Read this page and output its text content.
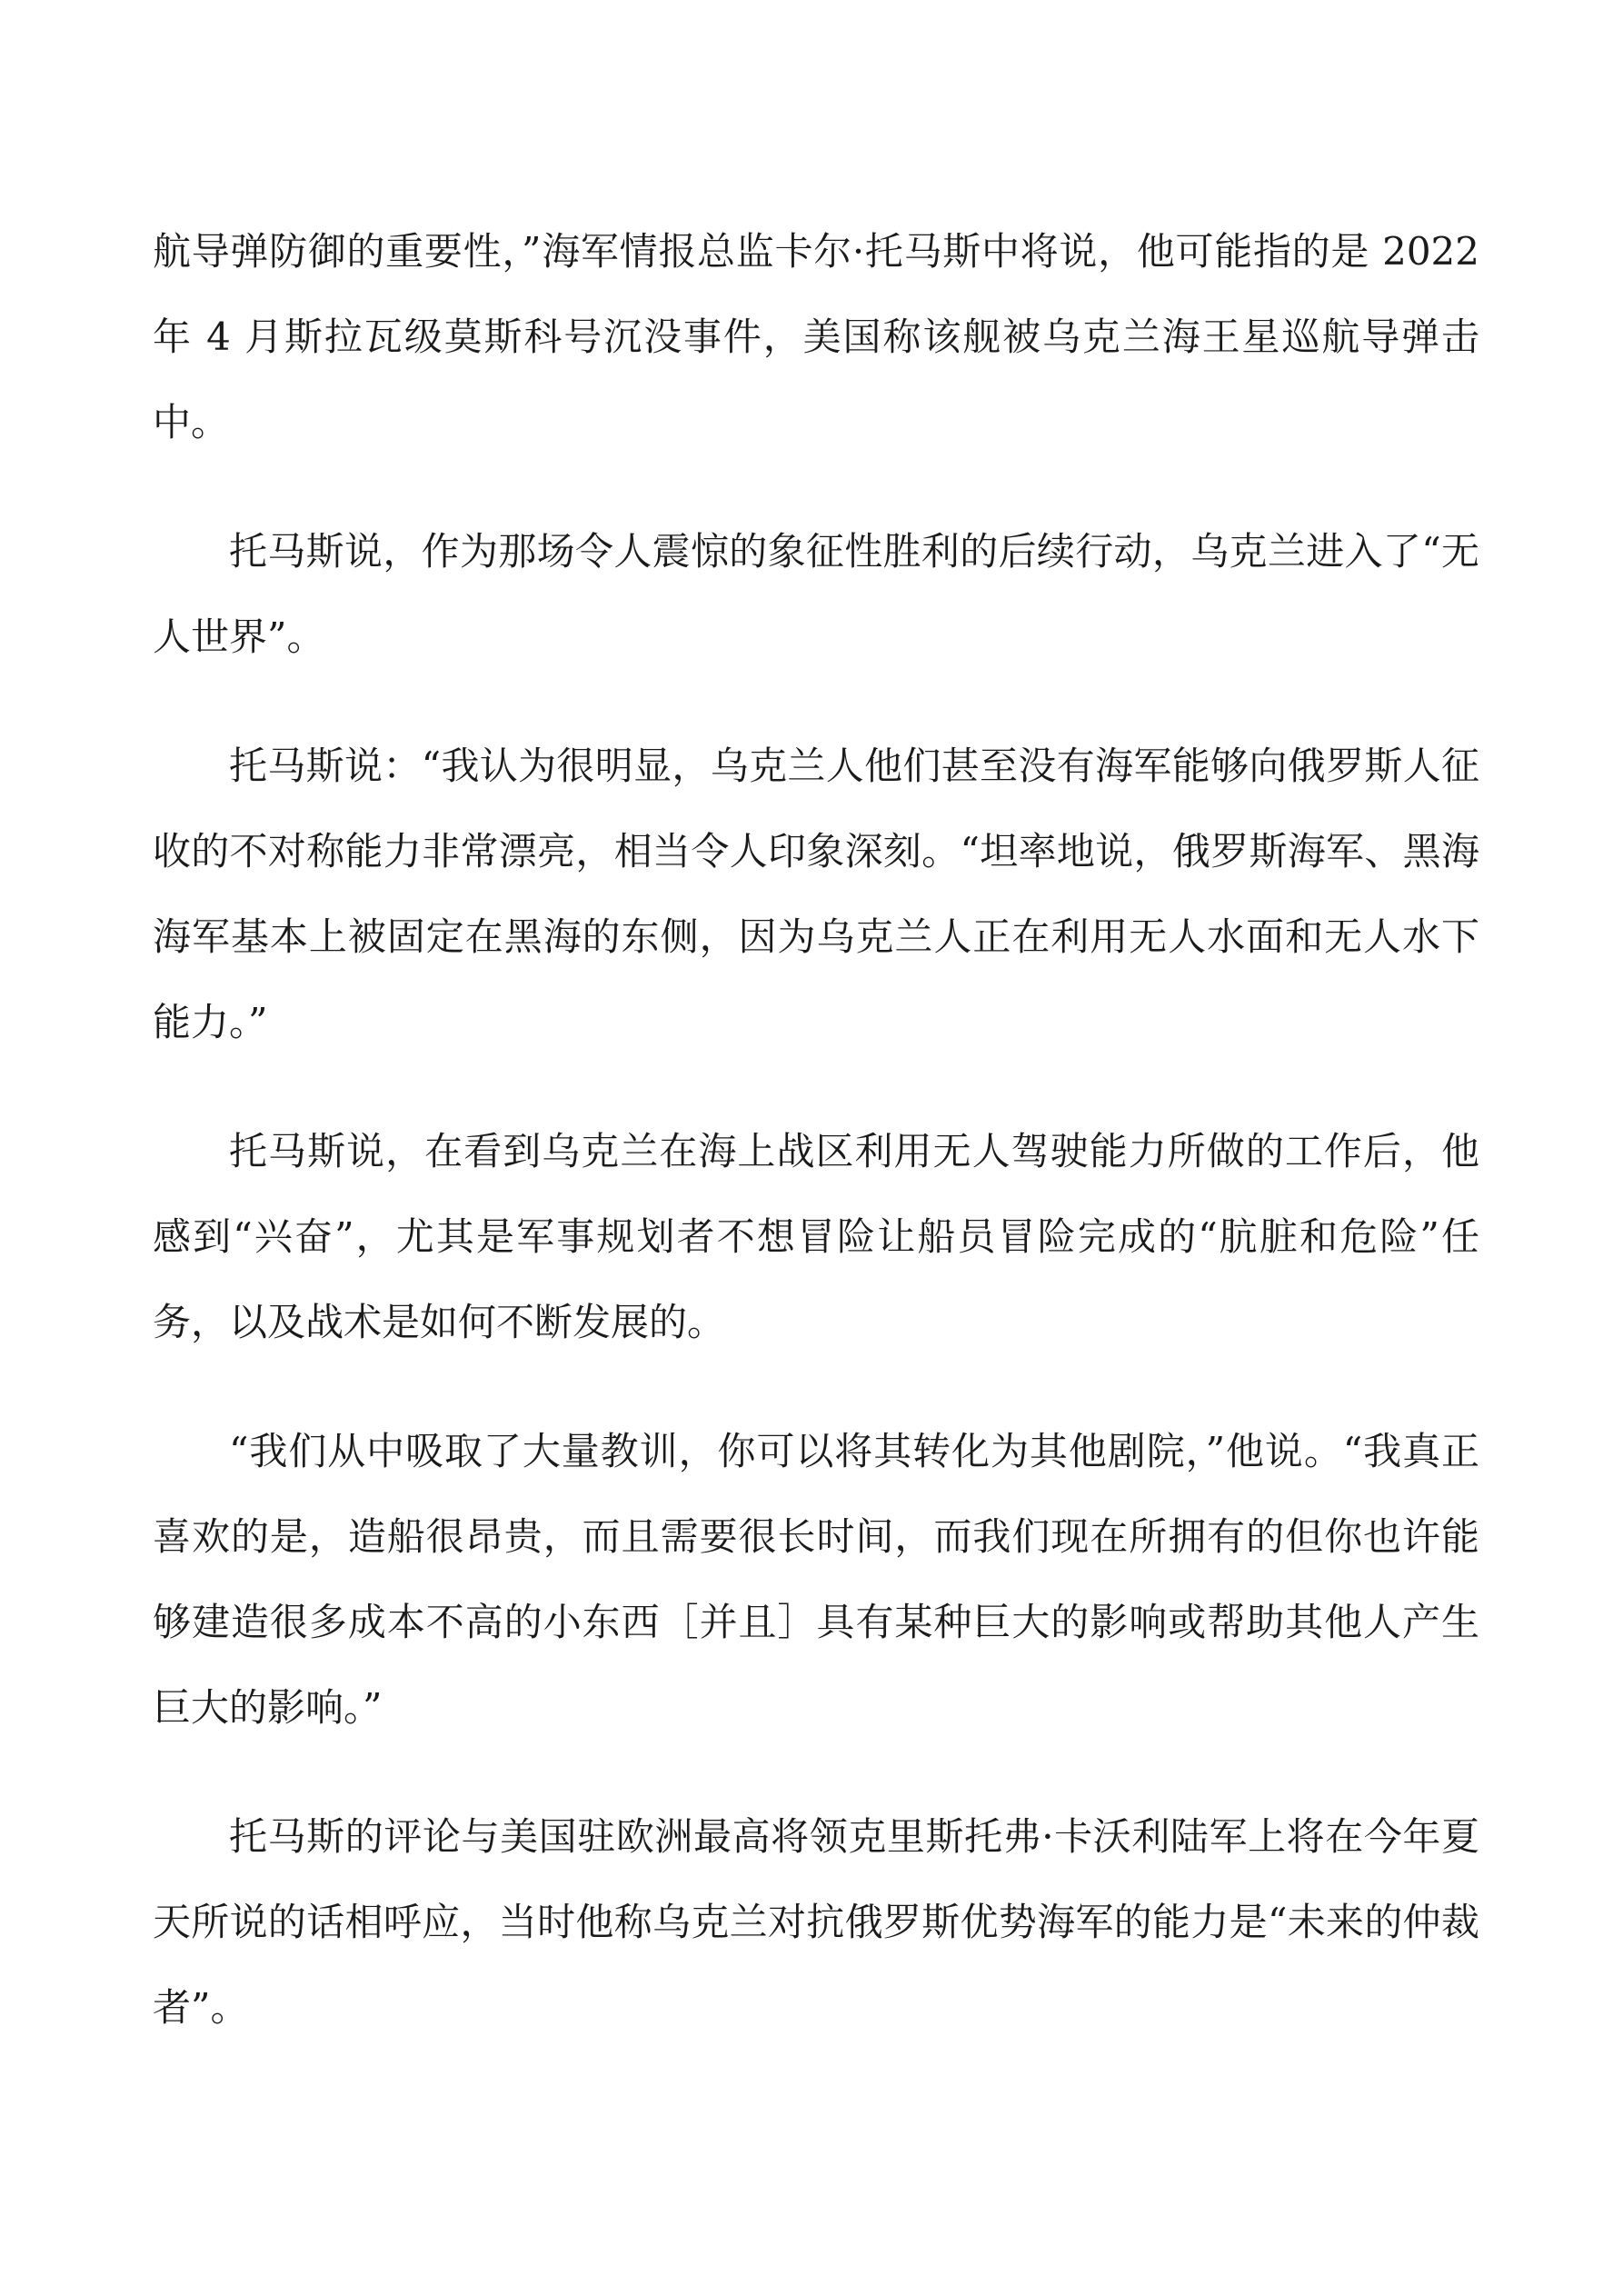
航导弹防御的重要性，”海军情报总监卡尔·托马斯中将说，他可能指的是 2022 年 4 月斯拉瓦级莫斯科号沉没事件，美国称该舰被乌克兰海王星巡航导弹击中。

托马斯说，作为那场令人震惊的象征性胜利的后续行动，乌克兰进入了“无人世界”。

托马斯说：“我认为很明显，乌克兰人他们甚至没有海军能够向俄罗斯人征收的不对称能力非常漂亮，相当令人印象深刻。“坦率地说，俄罗斯海军、黑海海军基本上被固定在黑海的东侧，因为乌克兰人正在利用无人水面和无人水下能力。”

托马斯说，在看到乌克兰在海上战区利用无人驾驶能力所做的工作后，他感到“兴奋”，尤其是军事规划者不想冒险让船员冒险完成的“肮脏和危险”任务，以及战术是如何不断发展的。

“我们从中吸取了大量教训，你可以将其转化为其他剧院，”他说。“我真正喜欢的是，造船很昂贵，而且需要很长时间，而我们现在所拥有的但你也许能够建造很多成本不高的小东西［并且］具有某种巨大的影响或帮助其他人产生巨大的影响。”

托马斯的评论与美国驻欧洲最高将领克里斯托弗·卡沃利陆军上将在今年夏天所说的话相呼应，当时他称乌克兰对抗俄罗斯优势海军的能力是“未来的仲裁者”。
